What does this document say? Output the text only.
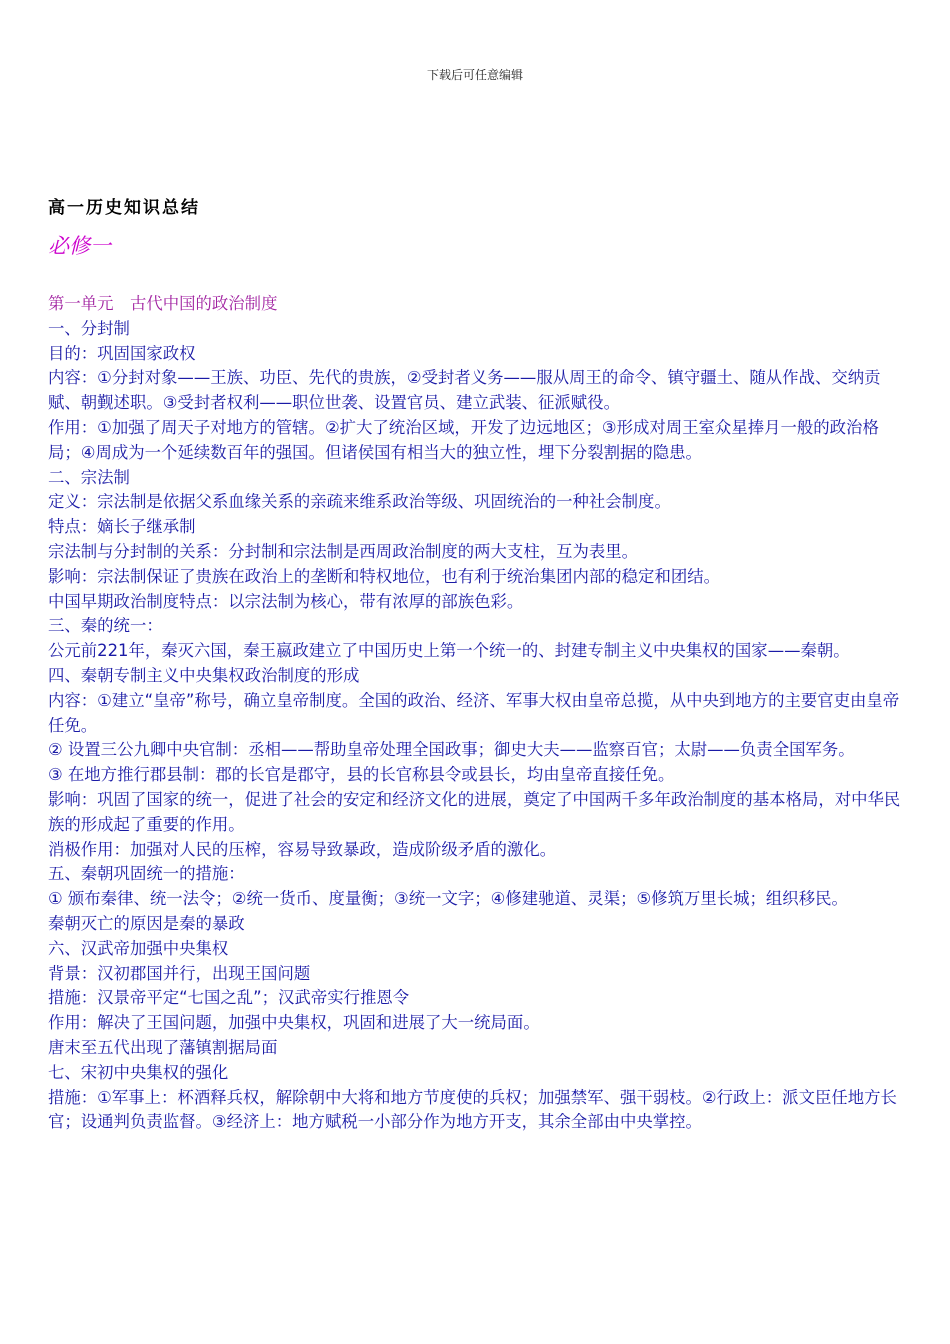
下载后可任意编辑
高一历史知识总结
必修一

第一单元　古代中国的政治制度

一、分封制

目的：巩固国家政权

内容：①分封对象——王族、功臣、先代的贵族，②受封者义务——服从周王的命令、镇守疆土、随从作战、交纳贡赋、朝觐述职。③受封者权利——职位世袭、设置官员、建立武装、征派赋役。

作用：①加强了周天子对地方的管辖。②扩大了统治区域，开发了边远地区；③形成对周王室众星捧月一般的政治格局；④周成为一个延续数百年的强国。但诸侯国有相当大的独立性，埋下分裂割据的隐患。

二、宗法制

定义：宗法制是依据父系血缘关系的亲疏来维系政治等级、巩固统治的一种社会制度。

特点：嫡长子继承制

宗法制与分封制的关系：分封制和宗法制是西周政治制度的两大支柱，互为表里。

影响：宗法制保证了贵族在政治上的垄断和特权地位，也有利于统治集团内部的稳定和团结。

中国早期政治制度特点：以宗法制为核心，带有浓厚的部族色彩。

三、秦的统一：

公元前221年，秦灭六国，秦王嬴政建立了中国历史上第一个统一的、封建专制主义中央集权的国家——秦朝。

四、秦朝专制主义中央集权政治制度的形成

内容：①建立“皇帝”称号，确立皇帝制度。全国的政治、经济、军事大权由皇帝总揽，从中央到地方的主要官吏由皇帝任免。

② 设置三公九卿中央官制：丞相——帮助皇帝处理全国政事；御史大夫——监察百官；太尉——负责全国军务。

③ 在地方推行郡县制：郡的长官是郡守，县的长官称县令或县长，均由皇帝直接任免。

影响：巩固了国家的统一，促进了社会的安定和经济文化的进展，奠定了中国两千多年政治制度的基本格局，对中华民族的形成起了重要的作用。

消极作用：加强对人民的压榨，容易导致暴政，造成阶级矛盾的激化。

五、秦朝巩固统一的措施：

① 颁布秦律、统一法令；②统一货币、度量衡；③统一文字；④修建驰道、灵渠；⑤修筑万里长城；组织移民。

秦朝灭亡的原因是秦的暴政

六、汉武帝加强中央集权

背景：汉初郡国并行，出现王国问题

措施：汉景帝平定“七国之乱”；汉武帝实行推恩令

作用：解决了王国问题，加强中央集权，巩固和进展了大一统局面。

唐末至五代出现了藩镇割据局面

七、宋初中央集权的强化

措施：①军事上：杯酒释兵权，解除朝中大将和地方节度使的兵权；加强禁军、强干弱枝。②行政上：派文臣任地方长官；设通判负责监督。③经济上：地方赋税一小部分作为地方开支，其余全部由中央掌控。
